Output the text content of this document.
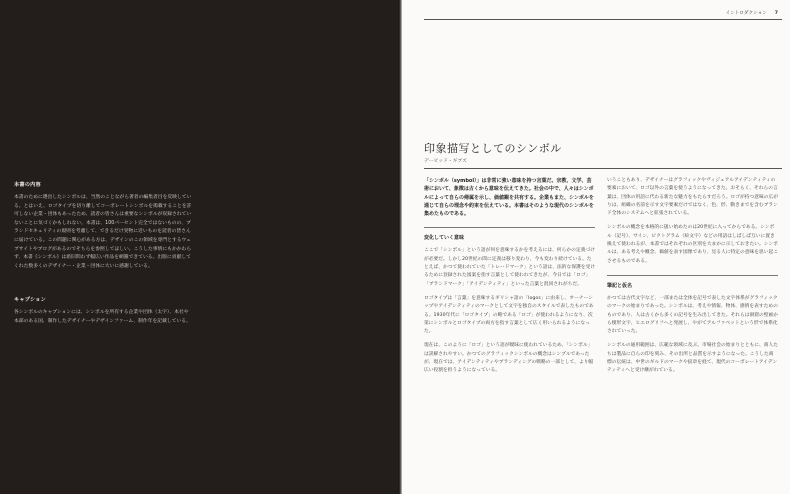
本書の内容
本書のために選出したシンボルは、当然のことながら著者の編集者目を反映している。とはいえ、ロゴタイプを切り離してコーポレートシンボルを掲載することを許可しない企業・団体もあったため、読者の皆さんは重要なシンボルが収録されていないことに気づくかもしれない。本書は、100パーセント完全ではないものの、ブランドセキュリティの規則を考慮して、できるだけ実物に近いものを読者の皆さんに届けている。この問題に関心がある方は、デザインのこの領域を専門とするウェブサイトやブログがあるのでそちらを参照してほしい。こうした事情にもかかわらず、本書《シンボル》は新旧問わず幅広い作品を網羅できている。出版に貢献してくれた数多くのデザイナー・企業・団体に大いに感謝している。
キャプション
各シンボルのキャプションには、シンボルを所有する企業や団体（太字）、本社や本部のある国、制作したデザイナーやデザインファーム、制作年を記載している。
イントロダクション 7
印象描写としてのシンボル
デービッド・ギブズ
「シンボル（symbol）」は非常に強い意味を持つ言葉だ。宗教、文学、芸術において、象徴は古くから意味を伝えてきた。社会の中で、人々はシンボルによって自らの帰属を示し、価値観を共有する。企業もまた、シンボルを通じて自らの理念や約束を伝えている。本書はそのような現代のシンボルを集めたものである。
変化していく意味
ここで「シンボル」という語が何を意味するかを考えるには、何らかの定義づけが必要だ。しかし20世紀の間に定義は移り変わり、今も変わり続けている。たとえば、かつて使われていた「トレードマーク」という語は、法的な保護を受けるために登録された図案を指す言葉として使われてきたが、今日では「ロゴ」「ブランドマーク」「アイデンティティ」といった言葉と混同されがちだ。
ロゴタイプは「言葉」を意味するギリシャ語の「logos」に由来し、オーナーシップやアイデンティティのマークとして文字を独自のスタイルで表したものである。1930年代に「ロゴタイプ」の略である「ロゴ」が使われるようになり、次第にシンボルとロゴタイプの両方を指す言葉として広く用いられるようになった。
現在は、このように「ロゴ」という語が曖昧に使われているため、「シンボル」は誤解されやすい。かつてのグラフィックシンボルの概念はシンプルであったが、現在では、アイデンティティやブランディングの戦略の一部として、より幅広い役割を担うようになっている。
いうこともあり、デザイナーはグラフィックやヴィジュアルアイデンティティの要素において、ロゴ以外の言葉を使うようになってきた。おそらく、それらの言葉は、団体の用語に代わる新たな魅力をもたらすだろう。ロゴが持つ意味の広がりは、組織の名前を示す文字要素だけではなく、色、形、動きまでを含むブランド全体のシステムへと拡張されている。
シンボルの概念を本格的に扱い始めたのは20世紀に入ってからである。シンボル（記号）、サイン、ピクトグラム（絵文字）などの用語はしばしば互いに置き換えて使われるが、本書ではそれぞれの区別を大まかに示しておきたい。シンボルは、ある考えや概念、価値を表す図像であり、見る人に特定の意味を思い起こさせるものである。
筆記と仮名
かつては古代文字など、一部または全体を記号で表した文字体系がグラフィックのマークの始まりであった。シンボルは、考えや情報、物体、感情を表すためのものであり、人は古くから多くの記号を生み出してきた。それらは洞窟の壁画から楔形文字、ヒエログリフへと発展し、やがてアルファベットという形で体系化されていった。
シンボルの通用範囲は、広範な領域に及ぶ。市場社会の始まりとともに、商人たちは製品に自らの印を刻み、その出所と品質を示すようになった。こうした商標の伝統は、中世のギルドのマークや紋章を経て、現代のコーポレートアイデンティティへと受け継がれている。
